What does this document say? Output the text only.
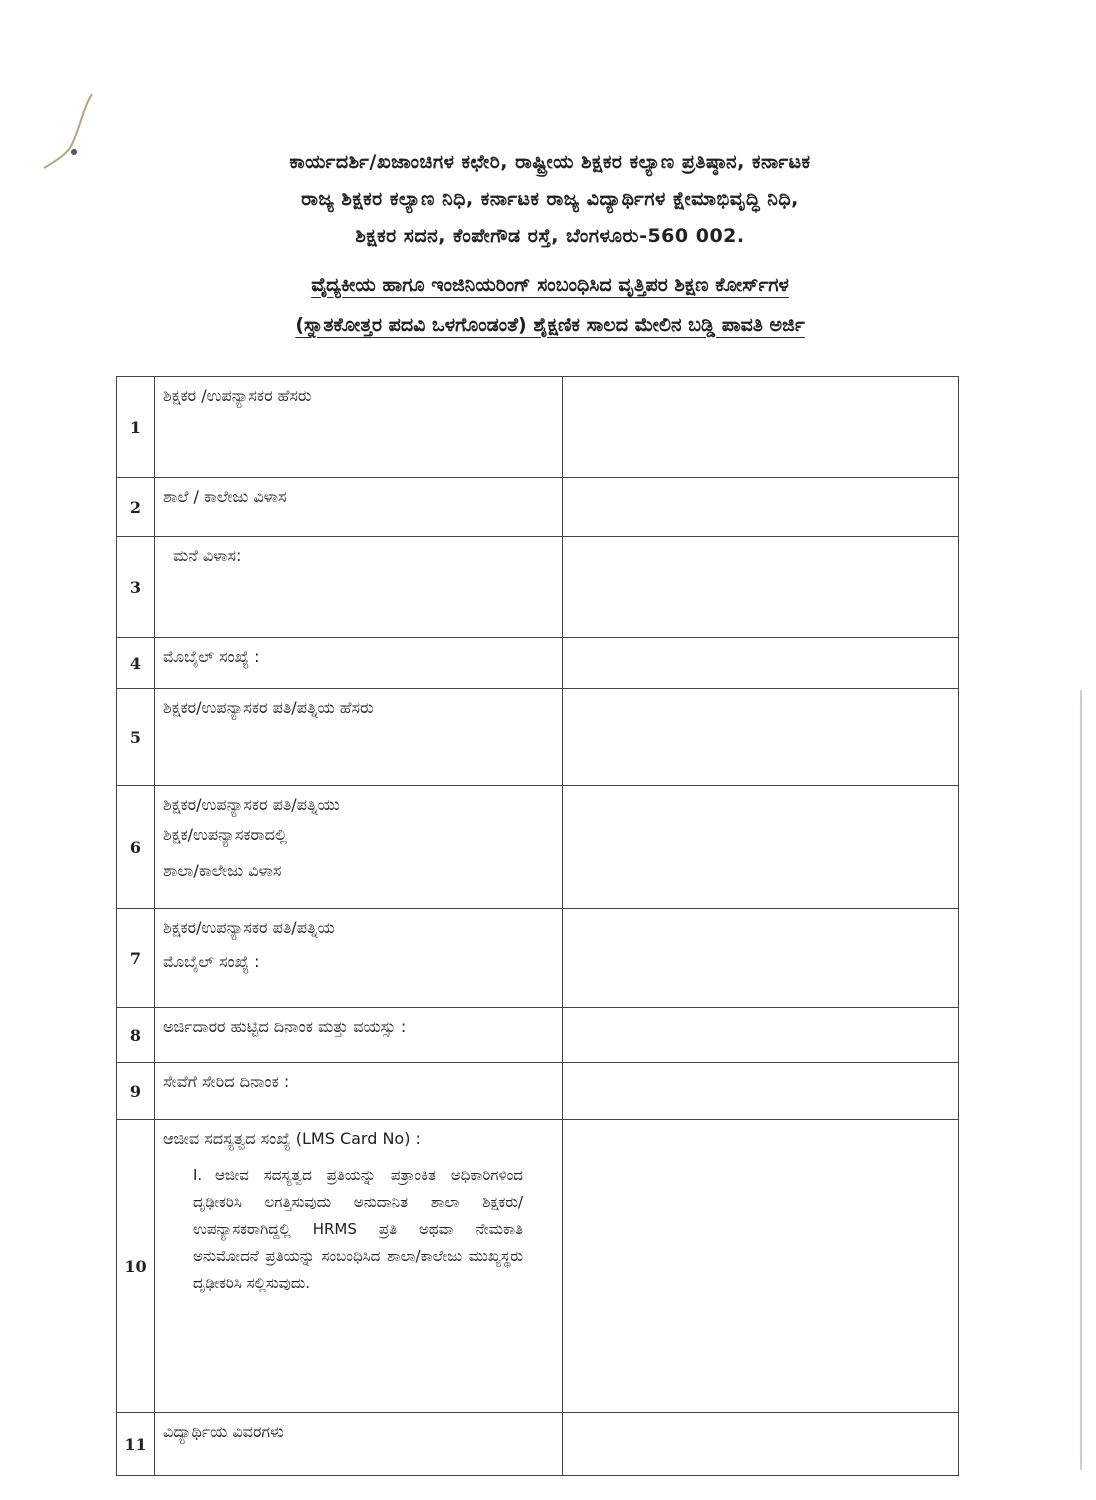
ಕಾರ್ಯದರ್ಶಿ/ಖಜಾಂಚಿಗಳ ಕಛೇರಿ, ರಾಷ್ಟ್ರೀಯ ಶಿಕ್ಷಕರ ಕಲ್ಯಾಣ ಪ್ರತಿಷ್ಠಾನ, ಕರ್ನಾಟಕ
ರಾಜ್ಯ ಶಿಕ್ಷಕರ ಕಲ್ಯಾಣ ನಿಧಿ, ಕರ್ನಾಟಕ ರಾಜ್ಯ ವಿದ್ಯಾರ್ಥಿಗಳ ಕ್ಷೇಮಾಭಿವೃದ್ಧಿ ನಿಧಿ,
ಶಿಕ್ಷಕರ ಸದನ, ಕೆಂಪೇಗೌಡ ರಸ್ತೆ, ಬೆಂಗಳೂರು-560 002.
ವೈದ್ಯಕೀಯ ಹಾಗೂ ಇಂಜಿನಿಯರಿಂಗ್ ಸಂಬಂಧಿಸಿದ ವೃತ್ತಿಪರ ಶಿಕ್ಷಣ ಕೋರ್ಸ್‌ಗಳ
(ಸ್ನಾತಕೋತ್ತರ ಪದವಿ ಒಳಗೊಂಡಂತೆ) ಶೈಕ್ಷಣಿಕ ಸಾಲದ ಮೇಲಿನ ಬಡ್ಡಿ ಪಾವತಿ ಅರ್ಜಿ
1	ಶಿಕ್ಷಕರ /ಉಪನ್ಯಾಸಕರ ಹೆಸರು	
2	ಶಾಲೆ / ಕಾಲೇಜು ವಿಳಾಸ	
3	ಮನೆ ವಿಳಾಸ:	
4	ಮೊಬೈಲ್ ಸಂಖ್ಯೆ :	
5	ಶಿಕ್ಷಕರ/ಉಪನ್ಯಾಸಕರ ಪತಿ/ಪತ್ನಿಯ ಹೆಸರು	
6	ಶಿಕ್ಷಕರ/ಉಪನ್ಯಾಸಕರ ಪತಿ/ಪತ್ನಿಯು
ಶಿಕ್ಷಕ/ಉಪನ್ಯಾಸಕರಾದಲ್ಲಿ
ಶಾಲಾ/ಕಾಲೇಜು ವಿಳಾಸ	

7	ಶಿಕ್ಷಕರ/ಉಪನ್ಯಾಸಕರ ಪತಿ/ಪತ್ನಿಯ
ಮೊಬೈಲ್ ಸಂಖ್ಯೆ :	

8	ಅರ್ಜಿದಾರರ ಹುಟ್ಟಿದ ದಿನಾಂಕ ಮತ್ತು ವಯಸ್ಸು :	
9	ಸೇವೆಗೆ ಸೇರಿದ ದಿನಾಂಕ :	
10	ಆಜೀವ ಸದಸ್ಯತ್ವದ ಸಂಖ್ಯೆ (LMS Card No) :
I. ಆಜೀವ ಸದಸ್ಯತ್ವದ ಪ್ರತಿಯನ್ನು ಪತ್ರಾಂಕಿತ ಅಧಿಕಾರಿಗಳಿಂದ ದೃಢೀಕರಿಸಿ ಲಗತ್ತಿಸುವುದು ಅನುದಾನಿತ ಶಾಲಾ ಶಿಕ್ಷಕರು/ಉಪನ್ಯಾಸಕರಾಗಿದ್ದಲ್ಲಿ HRMS ಪ್ರತಿ ಅಥವಾ ನೇಮಕಾತಿ ಅನುಮೋದನೆ ಪ್ರತಿಯನ್ನು ಸಂಬಂಧಿಸಿದ ಶಾಲಾ/ಕಾಲೇಜು ಮುಖ್ಯಸ್ಥರು ದೃಢೀಕರಿಸಿ ಸಲ್ಲಿಸುವುದು.	

11	ವಿದ್ಯಾರ್ಥಿಯ ವಿವರಗಳು	
